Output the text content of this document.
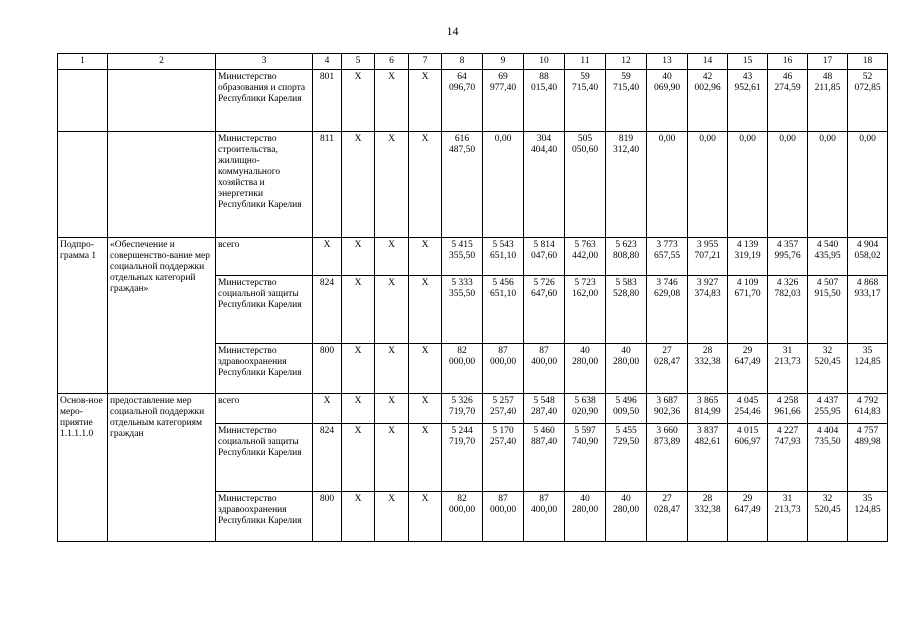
14
1	2	3	4	5	6	7	8	9	10	11	12	13	14	15	16	17	18
		Министерство образования и спорта Республики Карелия	801	Х	Х	Х	64 096,70	69 977,40	88 015,40	59 715,40	59 715,40	40 069,90	42 002,96	43 952,61	46 274,59	48 211,85	52 072,85
		Министерство строительства, жилищно-коммунального хозяйства и энергетики Республики Карелия	811	Х	Х	Х	616 487,50	0,00	304 404,40	505 050,60	819 312,40	0,00	0,00	0,00	0,00	0,00	0,00
Подпро-грамма 1	«Обеспечение и совершенство-вание мер социальной поддержки отдельных категорий граждан»	всего	Х	Х	Х	Х	5 415 355,50	5 543 651,10	5 814 047,60	5 763 442,00	5 623 808,80	3 773 657,55	3 955 707,21	4 139 319,19	4 357 995,76	4 540 435,95	4 904 058,02
		Министерство социальной защиты Республики Карелия	824	Х	Х	Х	5 333 355,50	5 456 651,10	5 726 647,60	5 723 162,00	5 583 528,80	3 746 629,08	3 927 374,83	4 109 671,70	4 326 782,03	4 507 915,50	4 868 933,17
		Министерство здравоохранения Республики Карелия	800	Х	Х	Х	82 000,00	87 000,00	87 400,00	40 280,00	40 280,00	27 028,47	28 332,38	29 647,49	31 213,73	32 520,45	35 124,85
Основ-ное меро-приятие 1.1.1.1.0	предоставление мер социальной поддержки отдельным категориям граждан	всего	Х	Х	Х	Х	5 326 719,70	5 257 257,40	5 548 287,40	5 638 020,90	5 496 009,50	3 687 902,36	3 865 814,99	4 045 254,46	4 258 961,66	4 437 255,95	4 792 614,83
		Министерство социальной защиты Республики Карелия	824	Х	Х	Х	5 244 719,70	5 170 257,40	5 460 887,40	5 597 740,90	5 455 729,50	3 660 873,89	3 837 482,61	4 015 606,97	4 227 747,93	4 404 735,50	4 757 489,98
		Министерство здравоохранения Республики Карелия	800	Х	Х	Х	82 000,00	87 000,00	87 400,00	40 280,00	40 280,00	27 028,47	28 332,38	29 647,49	31 213,73	32 520,45	35 124,85
